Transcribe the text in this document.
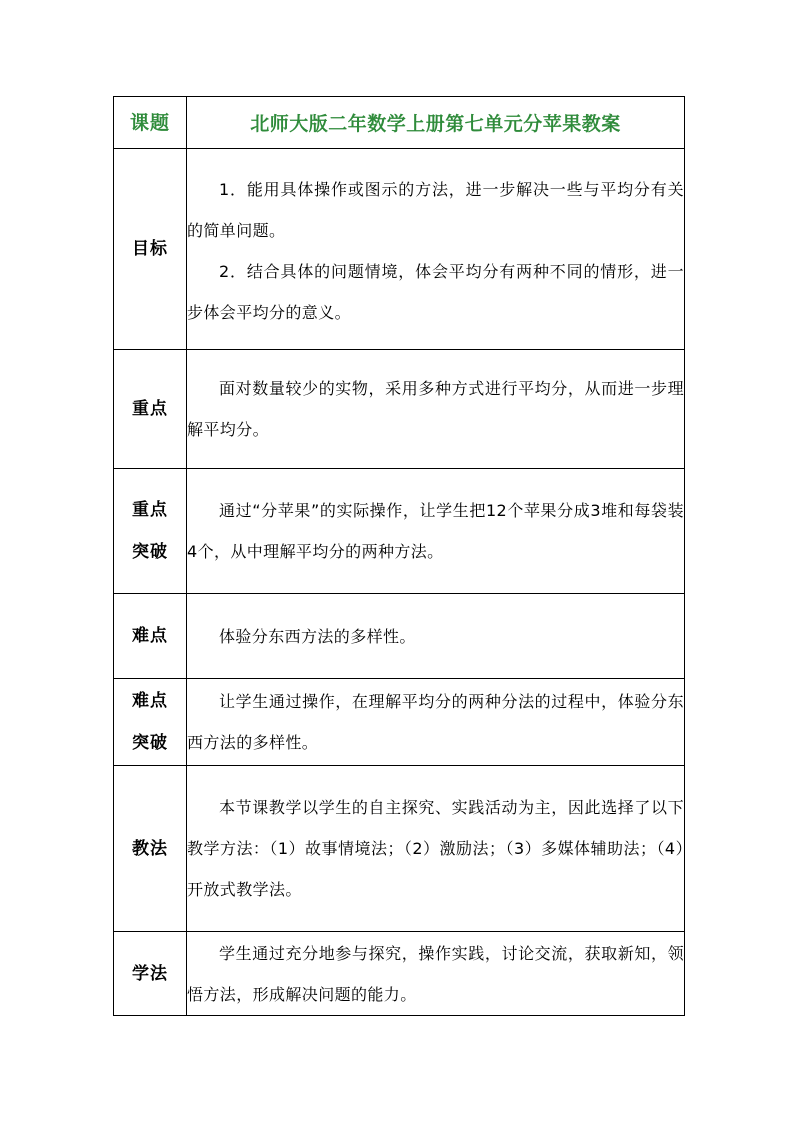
课题	北师大版二年数学上册第七单元分苹果教案

目标	1．能用具体操作或图示的方法，进一步解决一些与平均分有关的简单问题。

2．结合具体的问题情境，体会平均分有两种不同的情形，进一步体会平均分的意义。

重点	面对数量较少的实物，采用多种方式进行平均分，从而进一步理解平均分。

重点
突破	通过“分苹果”的实际操作，让学生把12个苹果分成3堆和每袋装4个，从中理解平均分的两种方法。

难点	体验分东西方法的多样性。

难点
突破	让学生通过操作，在理解平均分的两种分法的过程中，体验分东西方法的多样性。

教法	本节课教学以学生的自主探究、实践活动为主，因此选择了以下教学方法：（1）故事情境法；（2）激励法；（3）多媒体辅助法；（4）开放式教学法。

学法	学生通过充分地参与探究，操作实践，讨论交流，获取新知，领悟方法，形成解决问题的能力。
